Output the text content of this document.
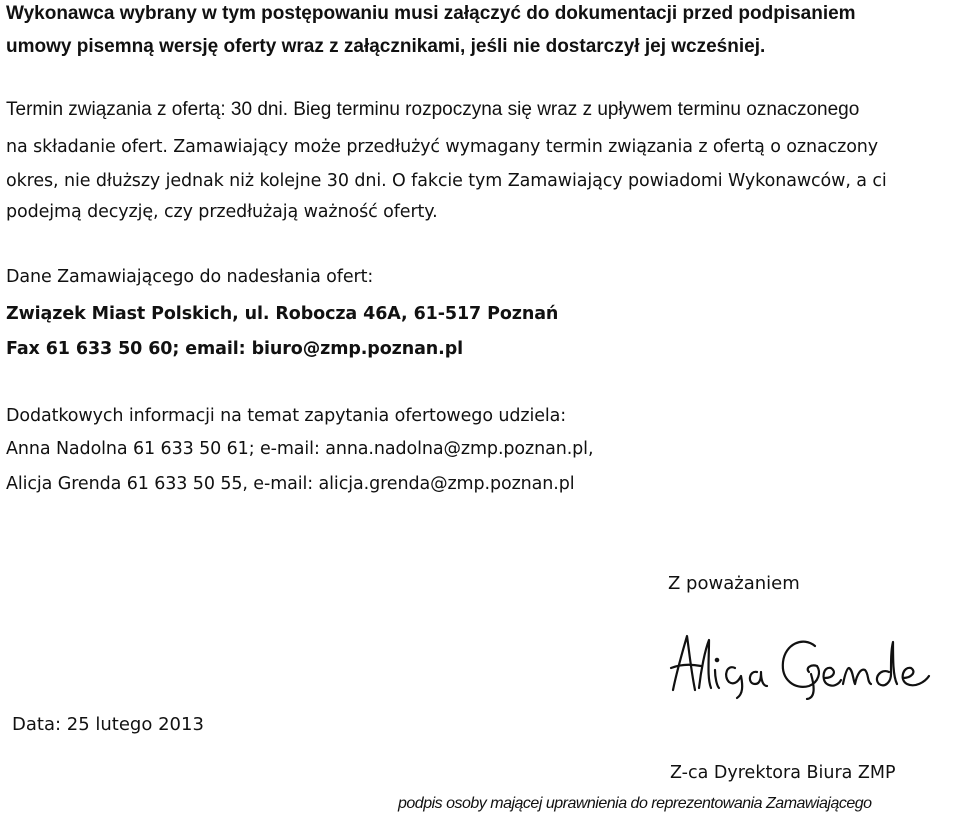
Wykonawca wybrany w tym postępowaniu musi załączyć do dokumentacji przed podpisaniem
umowy pisemną wersję oferty wraz z załącznikami, jeśli nie dostarczył jej wcześniej.
Termin związania z ofertą: 30 dni. Bieg terminu rozpoczyna się wraz z upływem terminu oznaczonego
na składanie ofert. Zamawiający może przedłużyć wymagany termin związania z ofertą o oznaczony
okres, nie dłuższy jednak niż kolejne 30 dni. O fakcie tym Zamawiający powiadomi Wykonawców, a ci
podejmą decyzję, czy przedłużają ważność oferty.
Dane Zamawiającego do nadesłania ofert:
Związek Miast Polskich, ul. Robocza 46A, 61-517 Poznań
Fax 61 633 50 60; email: biuro@zmp.poznan.pl
Dodatkowych informacji na temat zapytania ofertowego udziela:
Anna Nadolna 61 633 50 61; e-mail: anna.nadolna@zmp.poznan.pl,
Alicja Grenda 61 633 50 55, e-mail: alicja.grenda@zmp.poznan.pl
Z poważaniem
Data: 25 lutego 2013
Z-ca Dyrektora Biura ZMP
podpis osoby mającej uprawnienia do reprezentowania Zamawiającego
